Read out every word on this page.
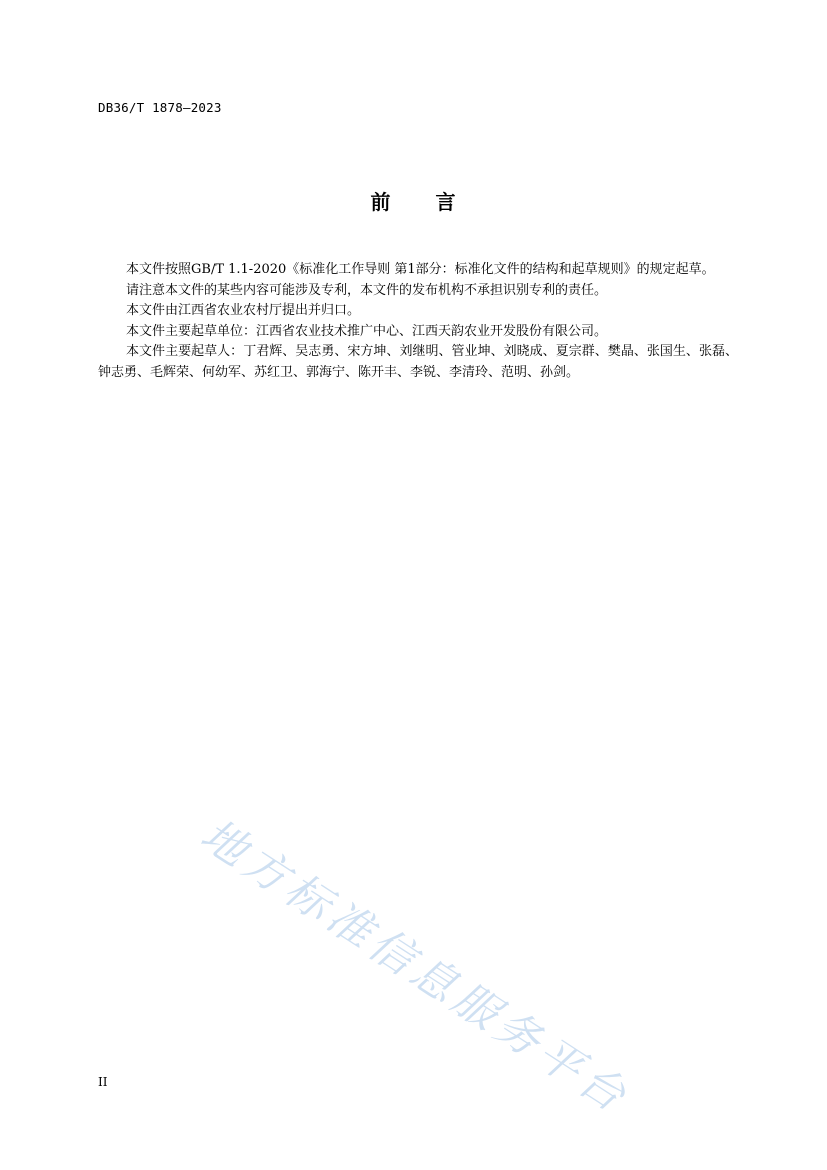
DB36/T 1878—2023
前 言

本文件按照GB/T 1.1-2020《标准化工作导则 第1部分：标准化文件的结构和起草规则》的规定起草。

请注意本文件的某些内容可能涉及专利，本文件的发布机构不承担识别专利的责任。

本文件由江西省农业农村厅提出并归口。

本文件主要起草单位：江西省农业技术推广中心、江西天韵农业开发股份有限公司。

本文件主要起草人：丁君辉、吴志勇、宋方坤、刘继明、管业坤、刘晓成、夏宗群、樊晶、张国生、张磊、钟志勇、毛辉荣、何幼军、苏红卫、郭海宁、陈开丰、李锐、李清玲、范明、孙剑。

地方标准信息服务平台
II
